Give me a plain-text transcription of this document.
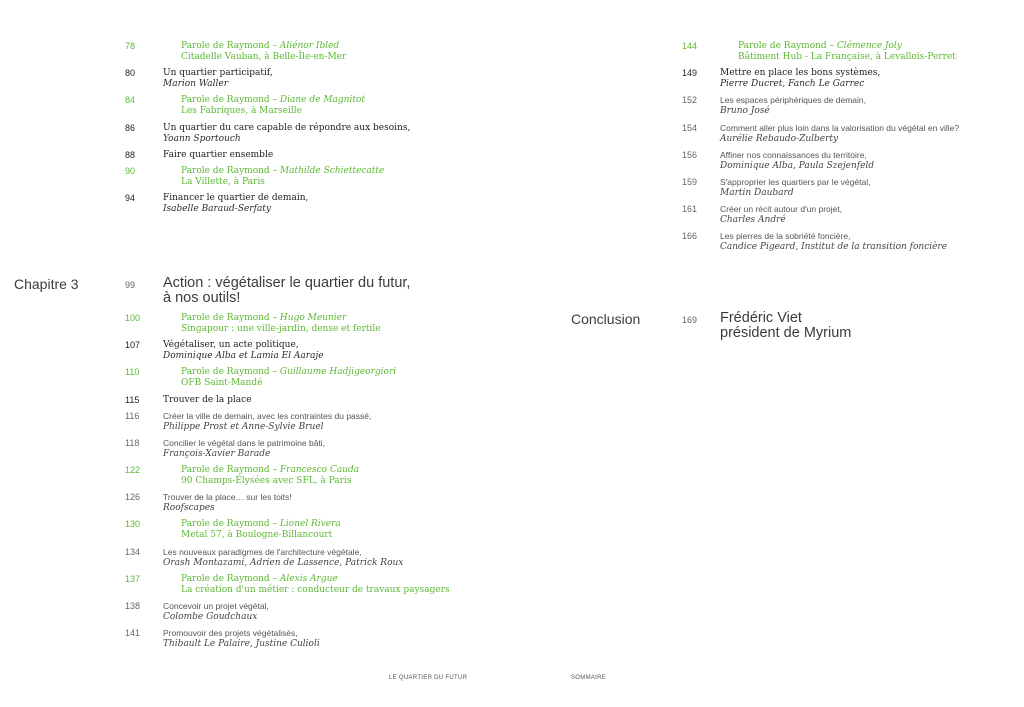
78	Parole de Raymond – Aliénor Ibled
Citadelle Vauban, à Belle-Île-en-Mer
80	Un quartier participatif,
Marion Waller
84	Parole de Raymond – Diane de Magnitot
Les Fabriques, à Marseille
86	Un quartier du care capable de répondre aux besoins,
Yoann Sportouch
88	Faire quartier ensemble
90	Parole de Raymond – Mathilde Schiettecatte
La Villette, à Paris
94	Financer le quartier de demain,
Isabelle Baraud-Serfaty
Chapitre 3	99 Action : végétaliser le quartier du futur,
à nos outils!
100	Parole de Raymond – Hugo Meunier
Singapour : une ville-jardin, dense et fertile
107	Végétaliser, un acte politique,
Dominique Alba et Lamia El Aaraje
110	Parole de Raymond – Guillaume Hadjigeorgiori
OFB Saint-Mandé
115	Trouver de la place
116	Créer la ville de demain, avec les contraintes du passé,
Philippe Prost et Anne-Sylvie Bruel
118	Concilier le végétal dans le patrimoine bâti,
François-Xavier Barade
122	Parole de Raymond – Francesco Cauda
90 Champs-Élysées avec SFL, à Paris
126	Trouver de la place… sur les toits!
Roofscapes
130	Parole de Raymond – Lionel Rivera
Metal 57, à Boulogne-Billancourt
134	Les nouveaux paradigmes de l'architecture végétale,
Orash Montazami, Adrien de Lassence, Patrick Roux
137	Parole de Raymond – Alexis Argue
La création d'un métier : conducteur de travaux paysagers
138	Concevoir un projet végétal,
Colombe Goudchaux
141	Promouvoir des projets végétalisés,
Thibault Le Palaire, Justine Culioli
144	Parole de Raymond – Clémence Joly
Bâtiment Hub - La Française, à Levallois-Perret
149	Mettre en place les bons systèmes,
Pierre Ducret, Fanch Le Garrec
152	Les espaces périphériques de demain,
Bruno José
154	Comment aller plus loin dans la valorisation du végétal en ville?
Aurélie Rebaudo-Zulberty
156	Affiner nos connaissances du territoire,
Dominique Alba, Paula Szejenfeld
159	S'approprier les quartiers par le végétal,
Martin Daubard
161	Créer un récit autour d'un projet,
Charles André
166	Les pierres de la sobriété foncière,
Candice Pigeard, Institut de la transition foncière
Conclusion	169 Frédéric Viet
président de Myrium
LE QUARTIER DU FUTUR	SOMMAIRE
